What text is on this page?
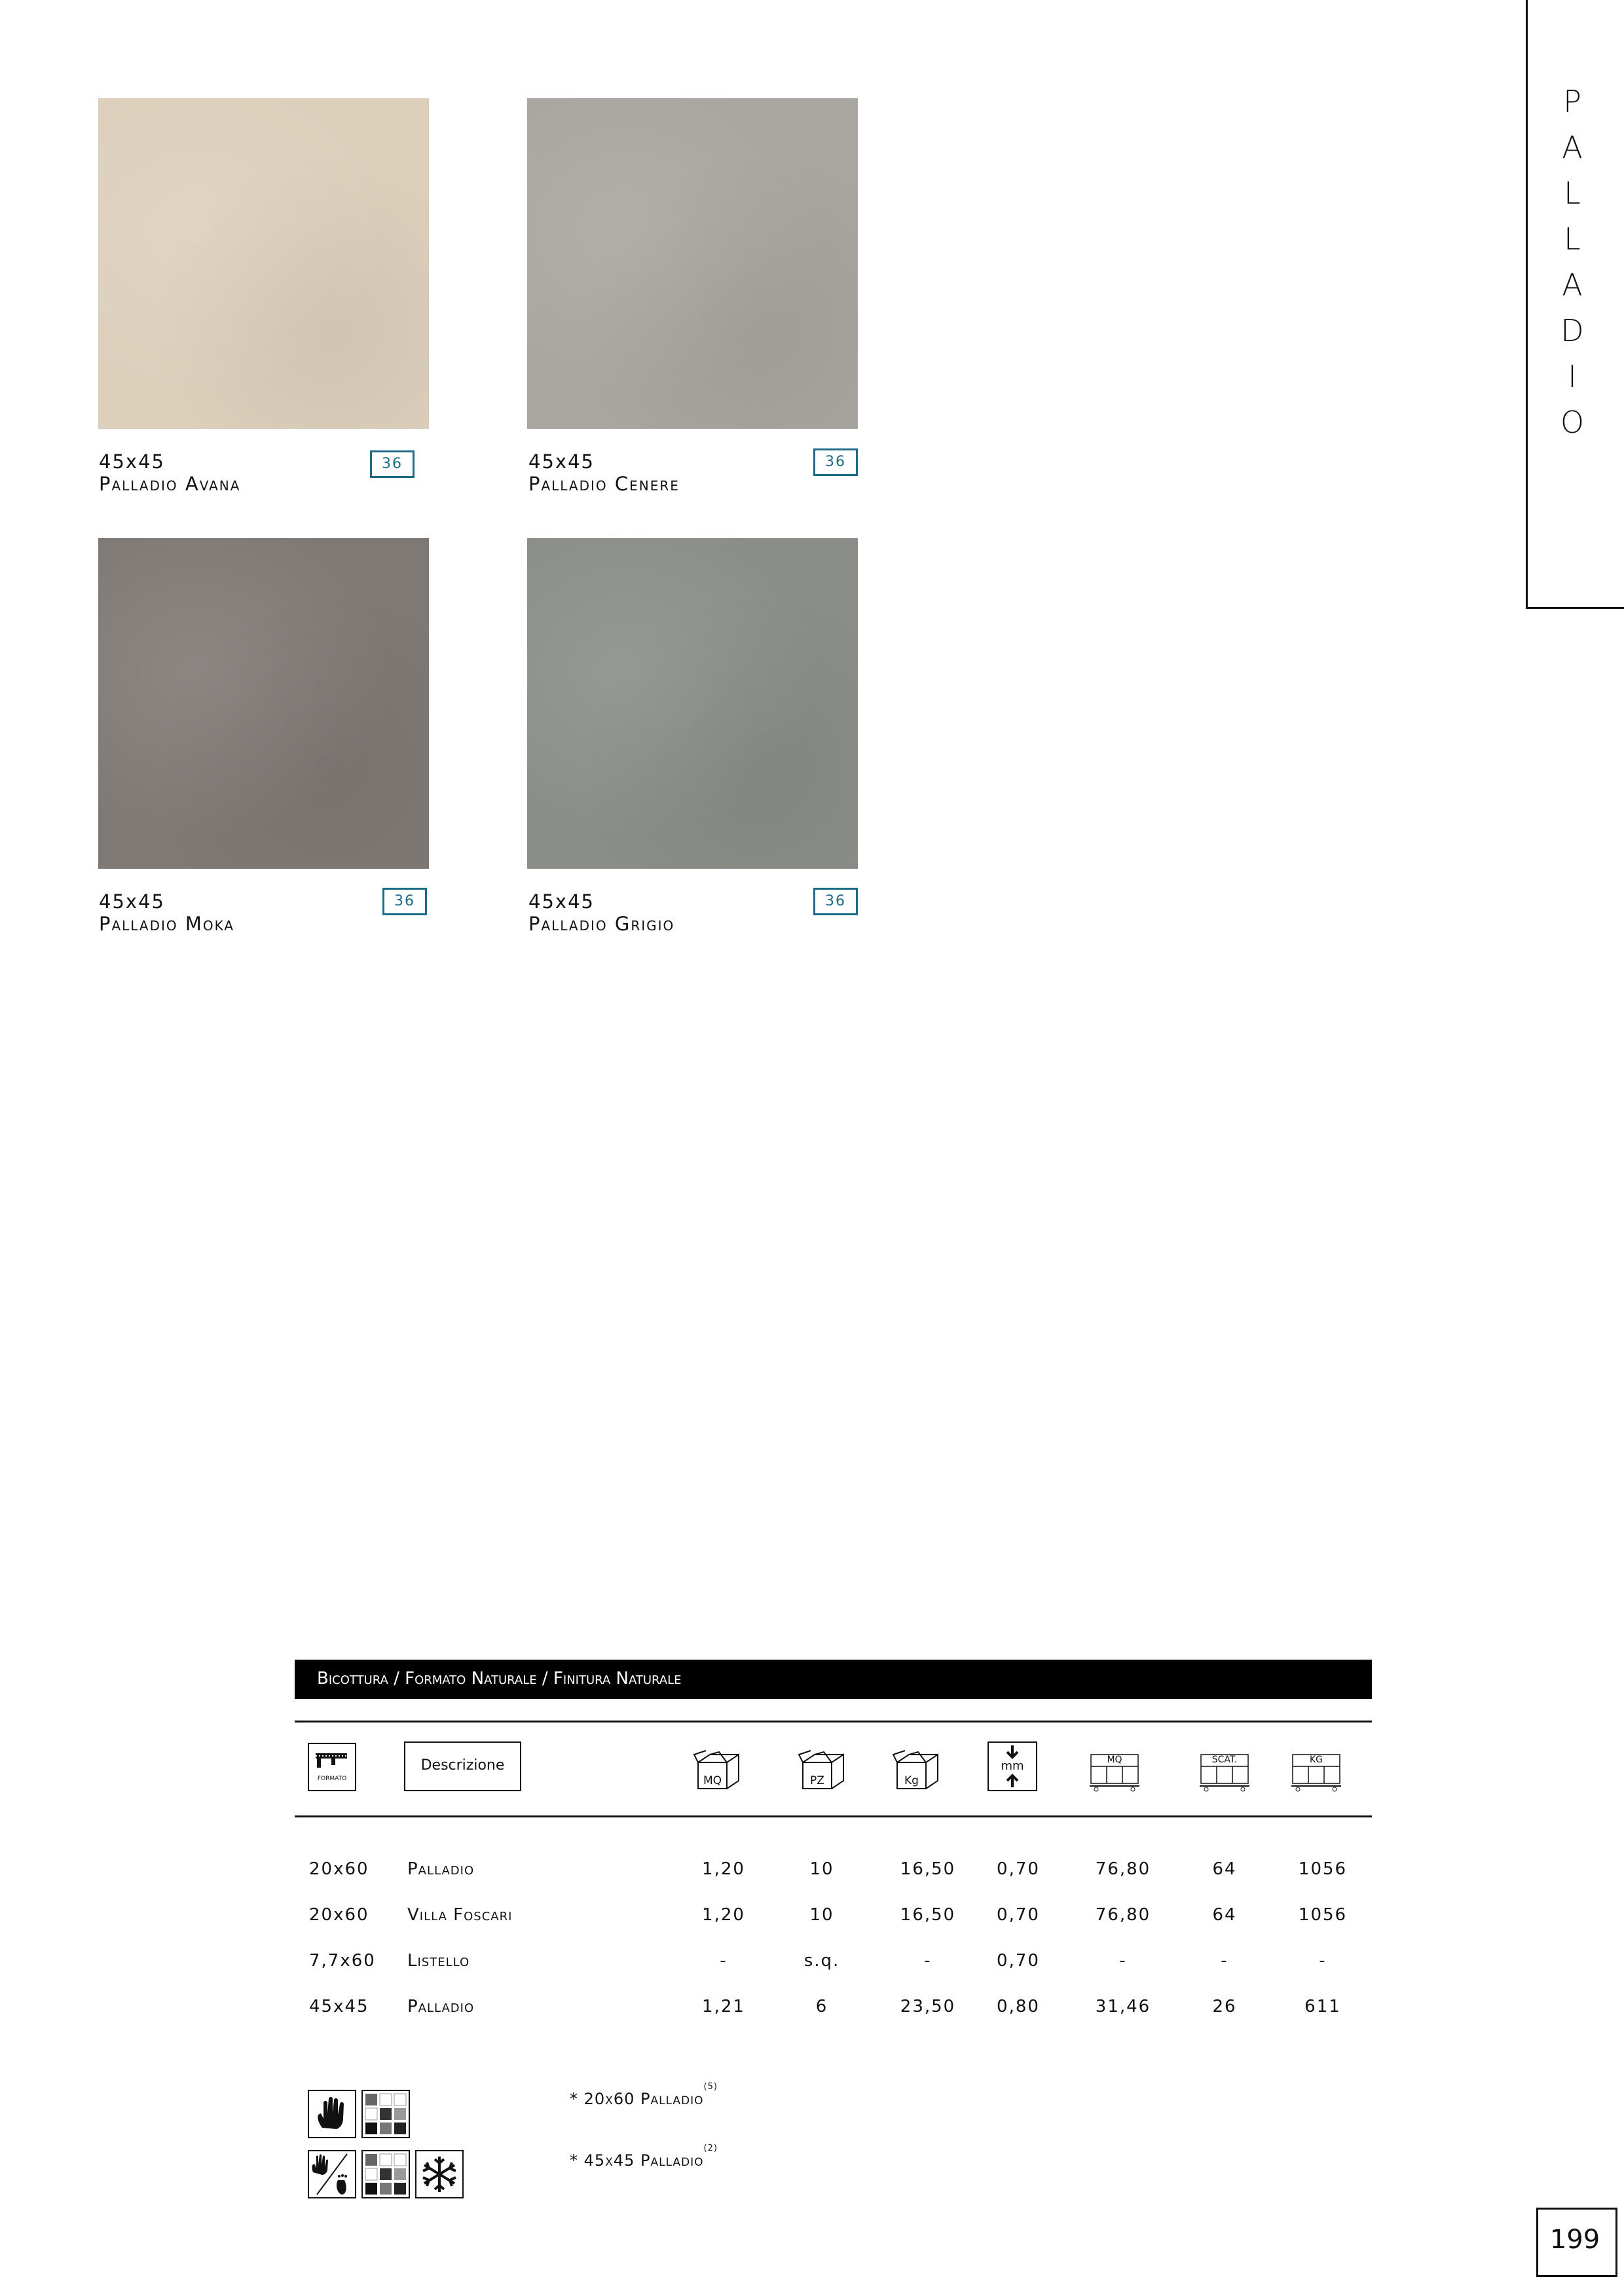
P
A
L
L
A
D
I
O
45x45
Palladio Avana
36	45x45
Palladio Cenere
36
45x45
Palladio Moka
36	45x45
Palladio Grigio
36
Bicottura / Formato Naturale / Finitura Naturale
FORMATO
Descrizione
MQ	PZ	Kg
mm	MQ	SCAT.	KG
20x60	Palladio	1,20	10	16,50	0,70	76,80	64	1056
20x60	Villa Foscari	1,20	10	16,50	0,70	76,80	64	1056
7,7x60	Listello	-	s.q.	-	0,70	-	-	-
45x45	Palladio	1,21	6	23,50	0,80	31,46	26	611
* 20x60 Palladio$^{(5)}$
* 45x45 Palladio$^{(2)}$
199
